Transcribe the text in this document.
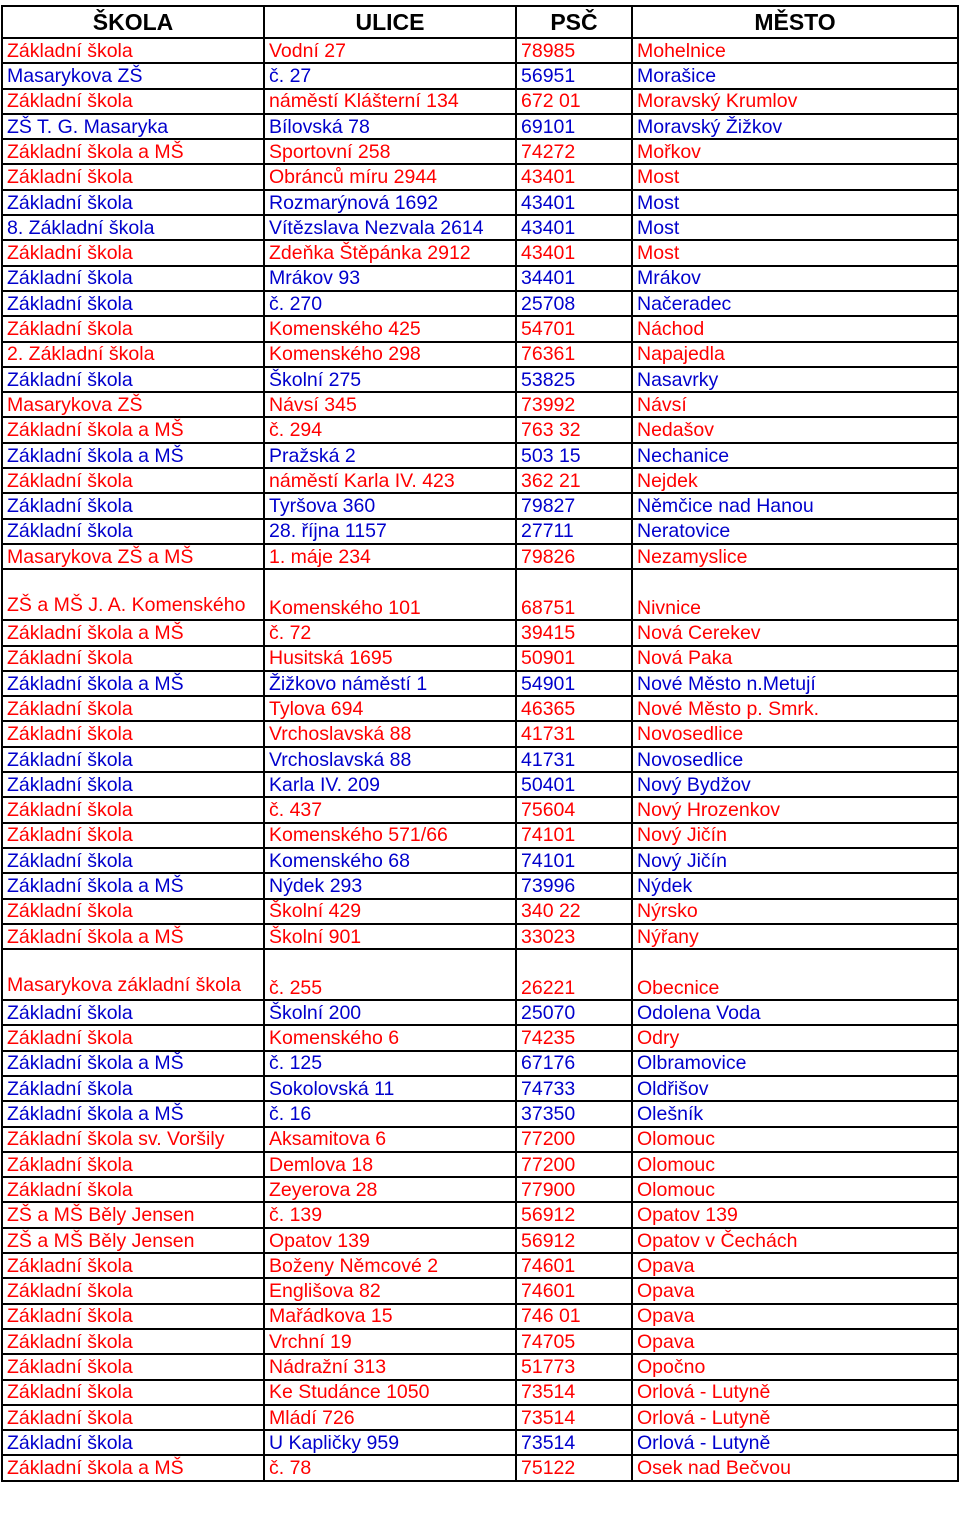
ŠKOLA	ULICE	PSČ	MĚSTO
Základní škola	Vodní 27	78985	Mohelnice
Masarykova ZŠ	č. 27	56951	Morašice
Základní škola	náměstí Klášterní 134	672 01	Moravský Krumlov
ZŠ T. G. Masaryka	Bílovská 78	69101	Moravský Žižkov
Základní škola a MŠ	Sportovní 258	74272	Mořkov
Základní škola	Obránců míru 2944	43401	Most
Základní škola	Rozmarýnová 1692	43401	Most
8. Základní škola	Vítězslava Nezvala 2614	43401	Most
Základní škola	Zdeňka Štěpánka 2912	43401	Most
Základní škola	Mrákov 93	34401	Mrákov
Základní škola	č. 270	25708	Načeradec
Základní škola	Komenského 425	54701	Náchod
2. Základní škola	Komenského 298	76361	Napajedla
Základní škola	Školní 275	53825	Nasavrky
Masarykova ZŠ	Návsí 345	73992	Návsí
Základní škola a MŠ	č. 294	763 32	Nedašov
Základní škola a MŠ	Pražská 2	503 15	Nechanice
Základní škola	náměstí Karla IV. 423	362 21	Nejdek
Základní škola	Tyršova 360	79827	Němčice nad Hanou
Základní škola	28. října 1157	27711	Neratovice
Masarykova ZŠ a MŠ	1. máje 234	79826	Nezamyslice
ZŠ a MŠ J. A. Komenského	Komenského 101	68751	Nivnice
Základní škola a MŠ	č. 72	39415	Nová Cerekev
Základní škola	Husitská 1695	50901	Nová Paka
Základní škola a MŠ	Žižkovo náměstí 1	54901	Nové Město n.Metují
Základní škola	Tylova 694	46365	Nové Město p. Smrk.
Základní škola	Vrchoslavská 88	41731	Novosedlice
Základní škola	Vrchoslavská 88	41731	Novosedlice
Základní škola	Karla IV. 209	50401	Nový Bydžov
Základní škola	č. 437	75604	Nový Hrozenkov
Základní škola	Komenského 571/66	74101	Nový Jičín
Základní škola	Komenského 68	74101	Nový Jičín
Základní škola a MŠ	Nýdek 293	73996	Nýdek
Základní škola	Školní 429	340 22	Nýrsko
Základní škola a MŠ	Školní 901	33023	Nýřany
Masarykova základní škola	č. 255	26221	Obecnice
Základní škola	Školní 200	25070	Odolena Voda
Základní škola	Komenského 6	74235	Odry
Základní škola a MŠ	č. 125	67176	Olbramovice
Základní škola	Sokolovská 11	74733	Oldřišov
Základní škola a MŠ	č. 16	37350	Olešník
Základní škola sv. Voršily	Aksamitova 6	77200	Olomouc
Základní škola	Demlova 18	77200	Olomouc
Základní škola	Zeyerova 28	77900	Olomouc
ZŠ a MŠ Běly Jensen	č. 139	56912	Opatov 139
ZŠ a MŠ Běly Jensen	Opatov 139	56912	Opatov v Čechách
Základní škola	Boženy Němcové 2	74601	Opava
Základní škola	Englišova 82	74601	Opava
Základní škola	Mařádkova 15	746 01	Opava
Základní škola	Vrchní 19	74705	Opava
Základní škola	Nádražní 313	51773	Opočno
Základní škola	Ke Studánce 1050	73514	Orlová - Lutyně
Základní škola	Mládí 726	73514	Orlová - Lutyně
Základní škola	U Kapličky 959	73514	Orlová - Lutyně
Základní škola a MŠ	č. 78	75122	Osek nad Bečvou
